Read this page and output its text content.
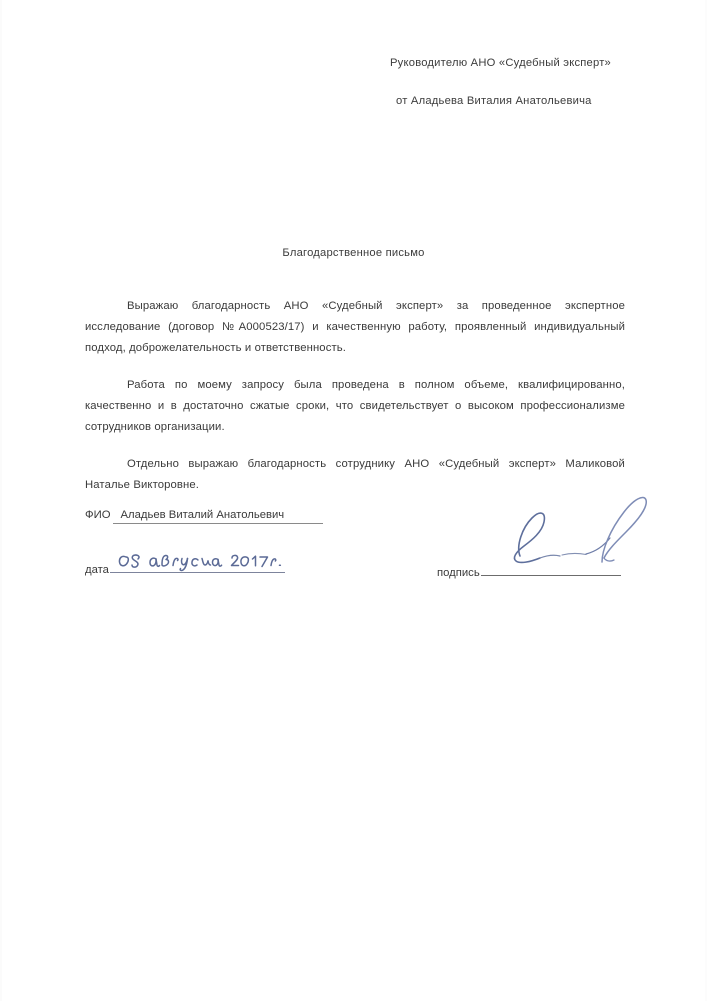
Руководителю АНО «Судебный эксперт»
от Аладьева Виталия Анатольевича
Благодарственное письмо

Выражаю благодарность АНО «Судебный эксперт» за проведенное экспертное исследование (договор №A000523/17) и качественную работу, проявленный индивидуальный подход, доброжелательность и ответственность.

Работа по моему запросу была проведена в полном объеме, квалифицированно, качественно и в достаточно сжатые сроки, что свидетельствует о высоком профессионализме сотрудников организации.

Отдельно выражаю благодарность сотруднику АНО «Судебный эксперт» Маликовой Наталье Викторовне.

ФИО Аладьев Виталий Анатольевич
дата	подпись
